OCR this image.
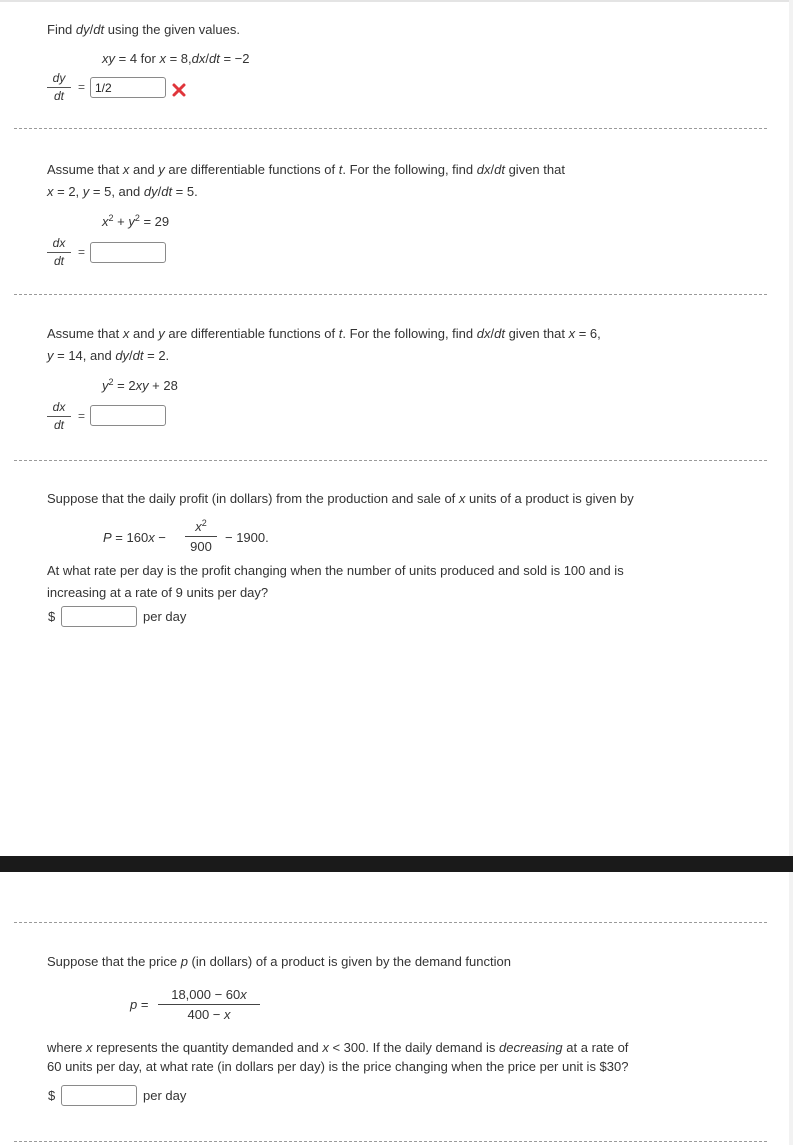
Find dy/dt using the given values.
xy = 4 for x = 8,dx/dt = −2
dy
dt
=
1/2
Assume that x and y are differentiable functions of t. For the following, find dx/dt given that
x = 2, y = 5, and dy/dt = 5.
$x^2 + y^2 = 29$
dx
dt
=
Assume that x and y are differentiable functions of t. For the following, find dx/dt given that x = 6,
y = 14, and dy/dt = 2.
$y^2 = 2xy + 28$
dx
dt
=
Suppose that the daily profit (in dollars) from the production and sale of x units of a product is given by
P = 160x −
$x^2$
900
− 1900.
At what rate per day is the profit changing when the number of units produced and sold is 100 and is
increasing at a rate of 9 units per day?
$	per day
Suppose that the price p (in dollars) of a product is given by the demand function
p =
18,000 − 60x
400 − x
where x represents the quantity demanded and x < 300. If the daily demand is decreasing at a rate of
60 units per day, at what rate (in dollars per day) is the price changing when the price per unit is $30?
$	per day
